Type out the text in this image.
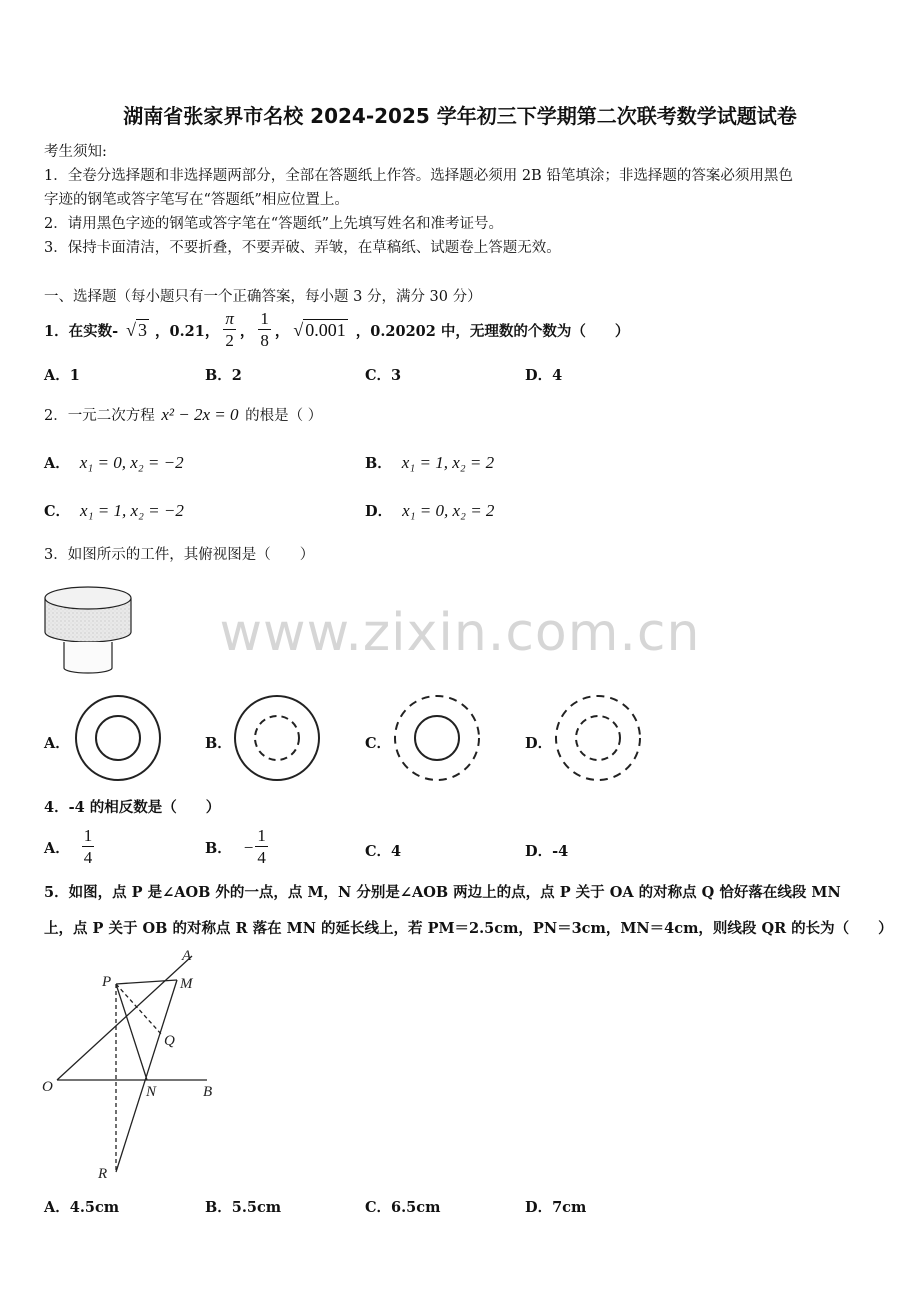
湖南省张家界市名校 2024-2025 学年初三下学期第二次联考数学试题试卷
考生须知:
1．全卷分选择题和非选择题两部分，全部在答题纸上作答。选择题必须用 2B 铅笔填涂；非选择题的答案必须用黑色
字迹的钢笔或答字笔写在“答题纸”相应位置上。
2．请用黑色字迹的钢笔或答字笔在“答题纸”上先填写姓名和准考证号。
3．保持卡面清洁，不要折叠，不要弄破、弄皱，在草稿纸、试题卷上答题无效。
一、选择题（每小题只有一个正确答案，每小题 3 分，满分 30 分）
1．在实数- √ 3 ，0.21， $\frac{\pi}{2}$ ， $\frac{1}{8}$ ， √ 0.001 ，0.20202 中，无理数的个数为（　　）
A．1	B．2	C．3	D．4
2．一元二次方程 x² − 2x = 0 的根是（ ）
A． x₁ = 0, x₂ = −2	B． x₁ = 1, x₂ = 2
C． x₁ = 1, x₂ = −2	D． x₁ = 0, x₂ = 2
3．如图所示的工件，其俯视图是（　　）
A．	B．	C．	D．
www.zixin.com.cn
4．-4 的相反数是（　　）
A． $\frac{1}{4}$	B． − $\frac{1}{4}$	C．4	D．-4
5．如图，点 P 是∠AOB 外的一点，点 M，N 分别是∠AOB 两边上的点，点 P 关于 OA 的对称点 Q 恰好落在线段 MN
上，点 P 关于 OB 的对称点 R 落在 MN 的延长线上，若 PM＝2.5cm，PN＝3cm，MN＝4cm，则线段 QR 的长为（　　）
A
P	M
Q
O	N	B
R
A．4.5cm	B．5.5cm	C．6.5cm	D．7cm
